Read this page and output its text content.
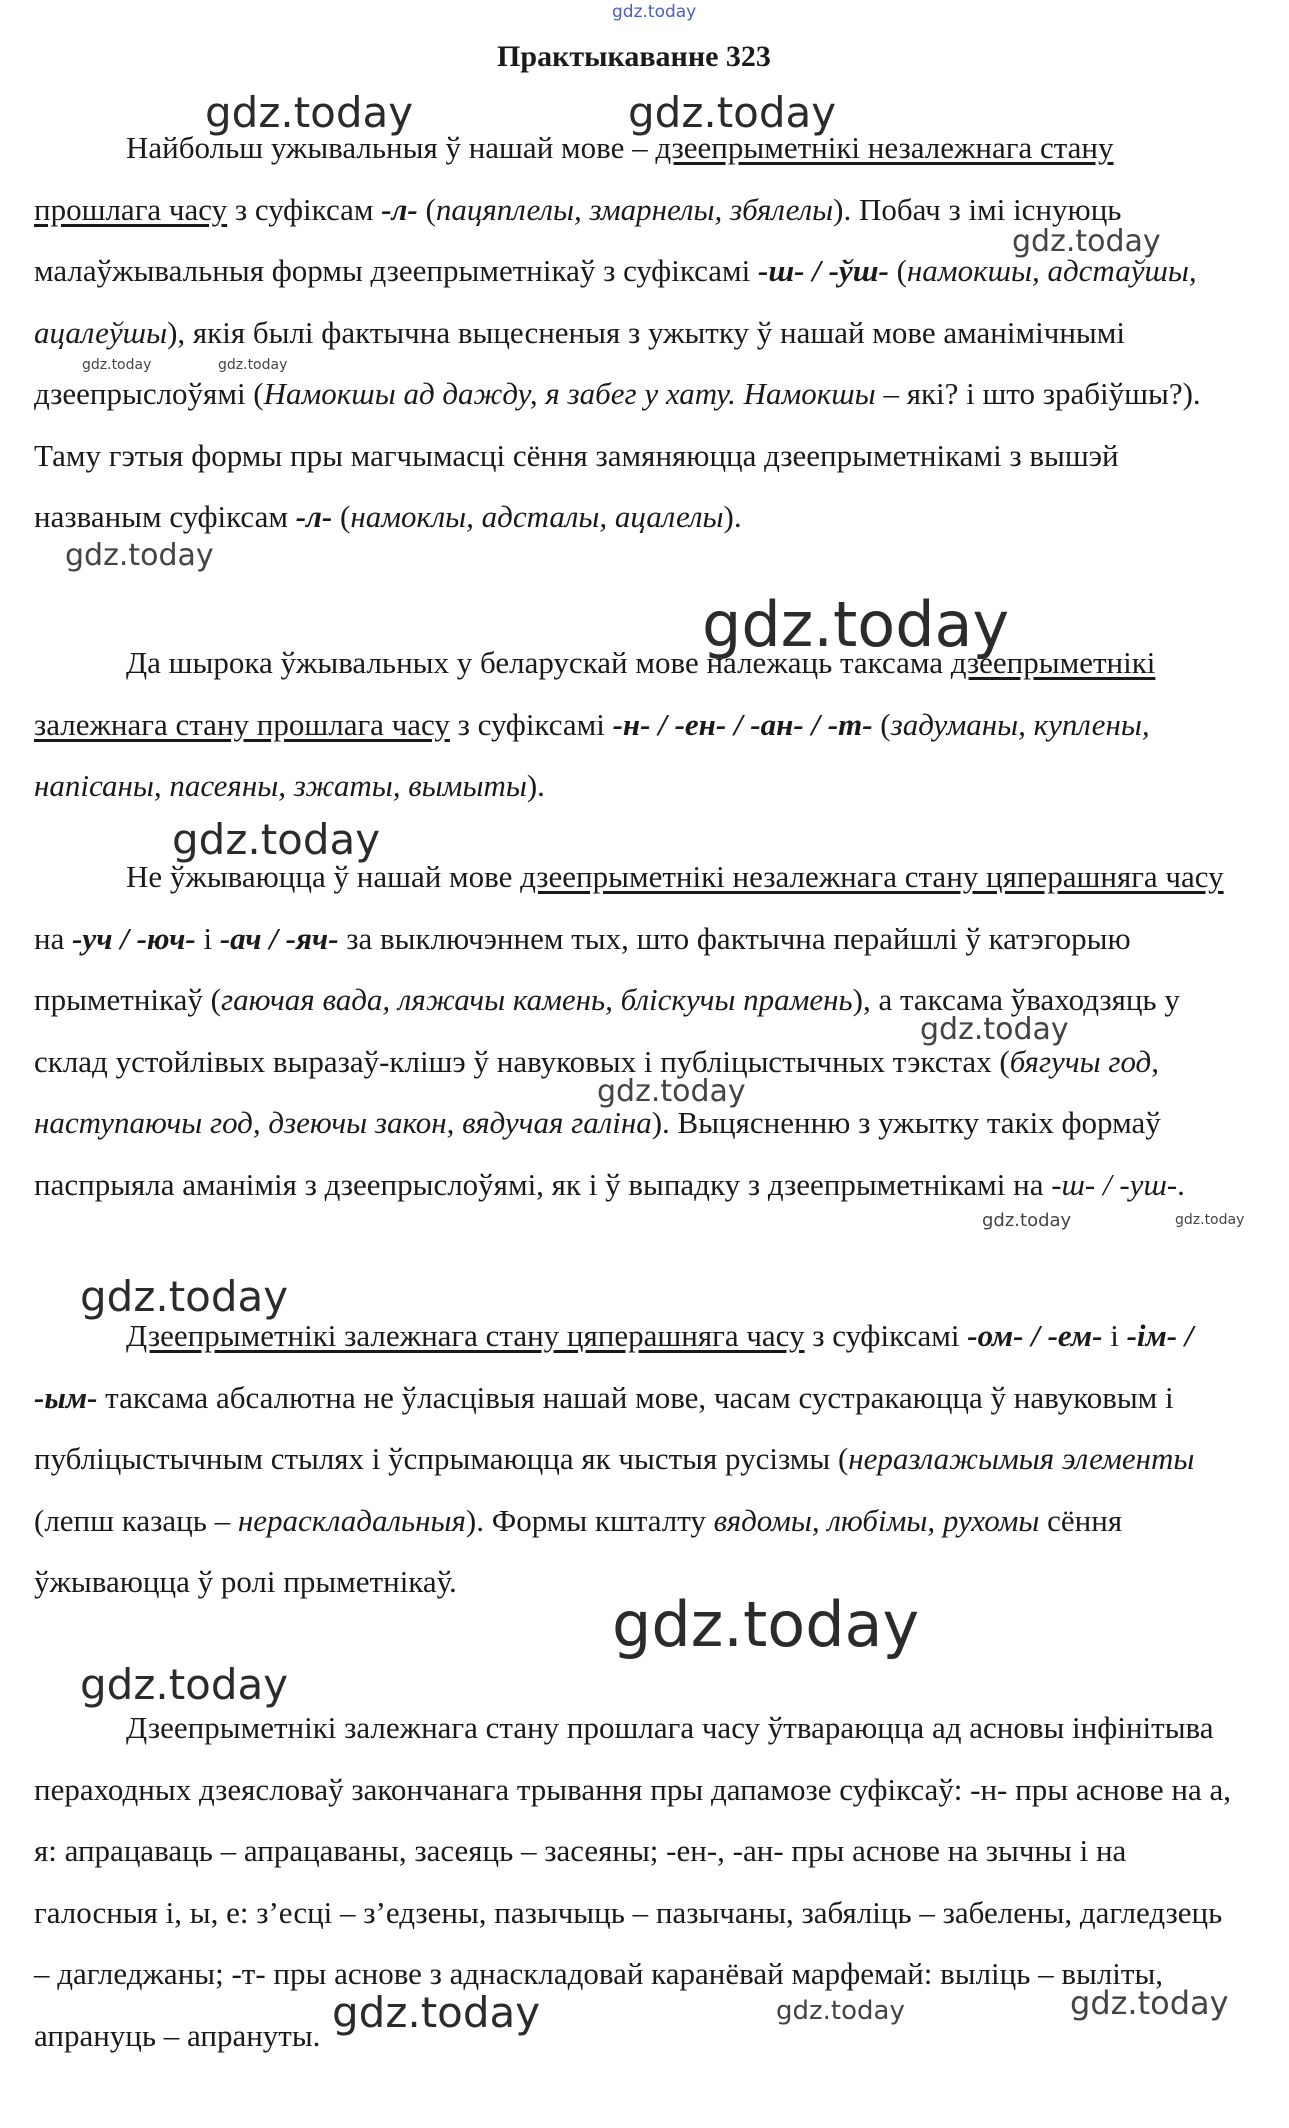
gdz.today
gdz.today	gdz.today
gdz.today
gdz.today	gdz.today
gdz.today
gdz.today
gdz.today
gdz.today
gdz.today
gdz.today	gdz.today
gdz.today
gdz.today
gdz.today
gdz.today	gdz.today	gdz.today
Практыкаванне 323

Найбольш ужывальныя ў нашай мове – дзеепрыметнікі незалежнага стану прошлага часу з суфіксам -л- (пацяплелы, змарнелы, збялелы). Побач з імі існуюць малаўжывальныя формы дзеепрыметнікаў з суфіксамі -ш- / -ўш- (намокшы, адстаўшы, ацалеўшы), якія былі фактычна выцесненыя з ужытку ў нашай мове аманімічнымі дзеепрыслоўямі (Намокшы ад дажду, я забег у хату. Намокшы – які? і што зрабіўшы?). Таму гэтыя формы пры магчымасці сёння замяняюцца дзеепрыметнікамі з вышэй названым суфіксам -л- (намоклы, адсталы, ацалелы).

Да шырока ўжывальных у беларускай мове належаць таксама дзеепрыметнікі залежнага стану прошлага часу з суфіксамі -н- / -ен- / -ан- / -т- (задуманы, куплены, напісаны, пасеяны, зжаты, вымыты).

Не ўжываюцца ў нашай мове дзеепрыметнікі незалежнага стану цяперашняга часу на -уч / -юч- і -ач / -яч- за выключэннем тых, што фактычна перайшлі ў катэгорыю прыметнікаў (гаючая вада, ляжачы камень, бліскучы прамень), а таксама ўваходзяць у склад устойлівых выразаў-клішэ ў навуковых і публіцыстычных тэкстах (бягучы год, наступаючы год, дзеючы закон, вядучая галіна). Выцясненню з ужытку такіх формаў паспрыяла аманімія з дзеепрыслоўямі, як і ў выпадку з дзеепрыметнікамі на -ш- / -уш-.

Дзеепрыметнікі залежнага стану цяперашняга часу з суфіксамі -ом- / -ем- і -ім- / -ым- таксама абсалютна не ўласцівыя нашай мове, часам сустракаюцца ў навуковым і публіцыстычным стылях і ўспрымаюцца як чыстыя русізмы (неразлажымыя элементы (лепш казаць – нераскладальныя). Формы кшталту вядомы, любімы, рухомы сёння ўжываюцца ў ролі прыметнікаў.

Дзеепрыметнікі залежнага стану прошлага часу ўтвараюцца ад асновы інфінітыва пераходных дзеясловаў закончанага трывання пры дапамозе суфіксаў: -н- пры аснове на а, я: апрацаваць – апрацаваны, засеяць – засеяны; -ен-, -ан- пры аснове на зычны і на галосныя і, ы, е: з’есці – з’едзены, пазычыць – пазычаны, забяліць – забелены, дагледзець – дагледжаны; -т- пры аснове з аднаскладовай каранёвай марфемай: выліць – выліты, апрануць – апрануты.
